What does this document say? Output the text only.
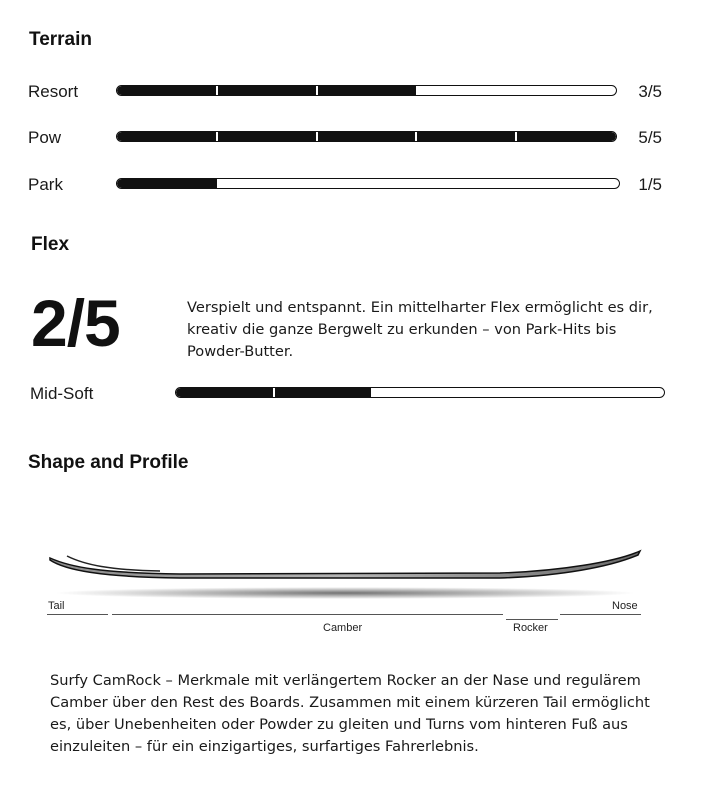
Terrain
Resort	3/5
Pow	5/5
Park	1/5
Flex
2/5	Verspielt und entspannt. Ein mittelharter Flex ermöglicht es dir, kreativ die ganze Bergwelt zu erkunden – von Park-Hits bis Powder-Butter.
Mid-Soft
Shape and Profile
Tail	Nose
Camber	Rocker
Surfy CamRock – Merkmale mit verlängertem Rocker an der Nase und regulärem Camber über den Rest des Boards. Zusammen mit einem kürzeren Tail ermöglicht es, über Unebenheiten oder Powder zu gleiten und Turns vom hinteren Fuß aus einzuleiten – für ein einzigartiges, surfartiges Fahrerlebnis.
